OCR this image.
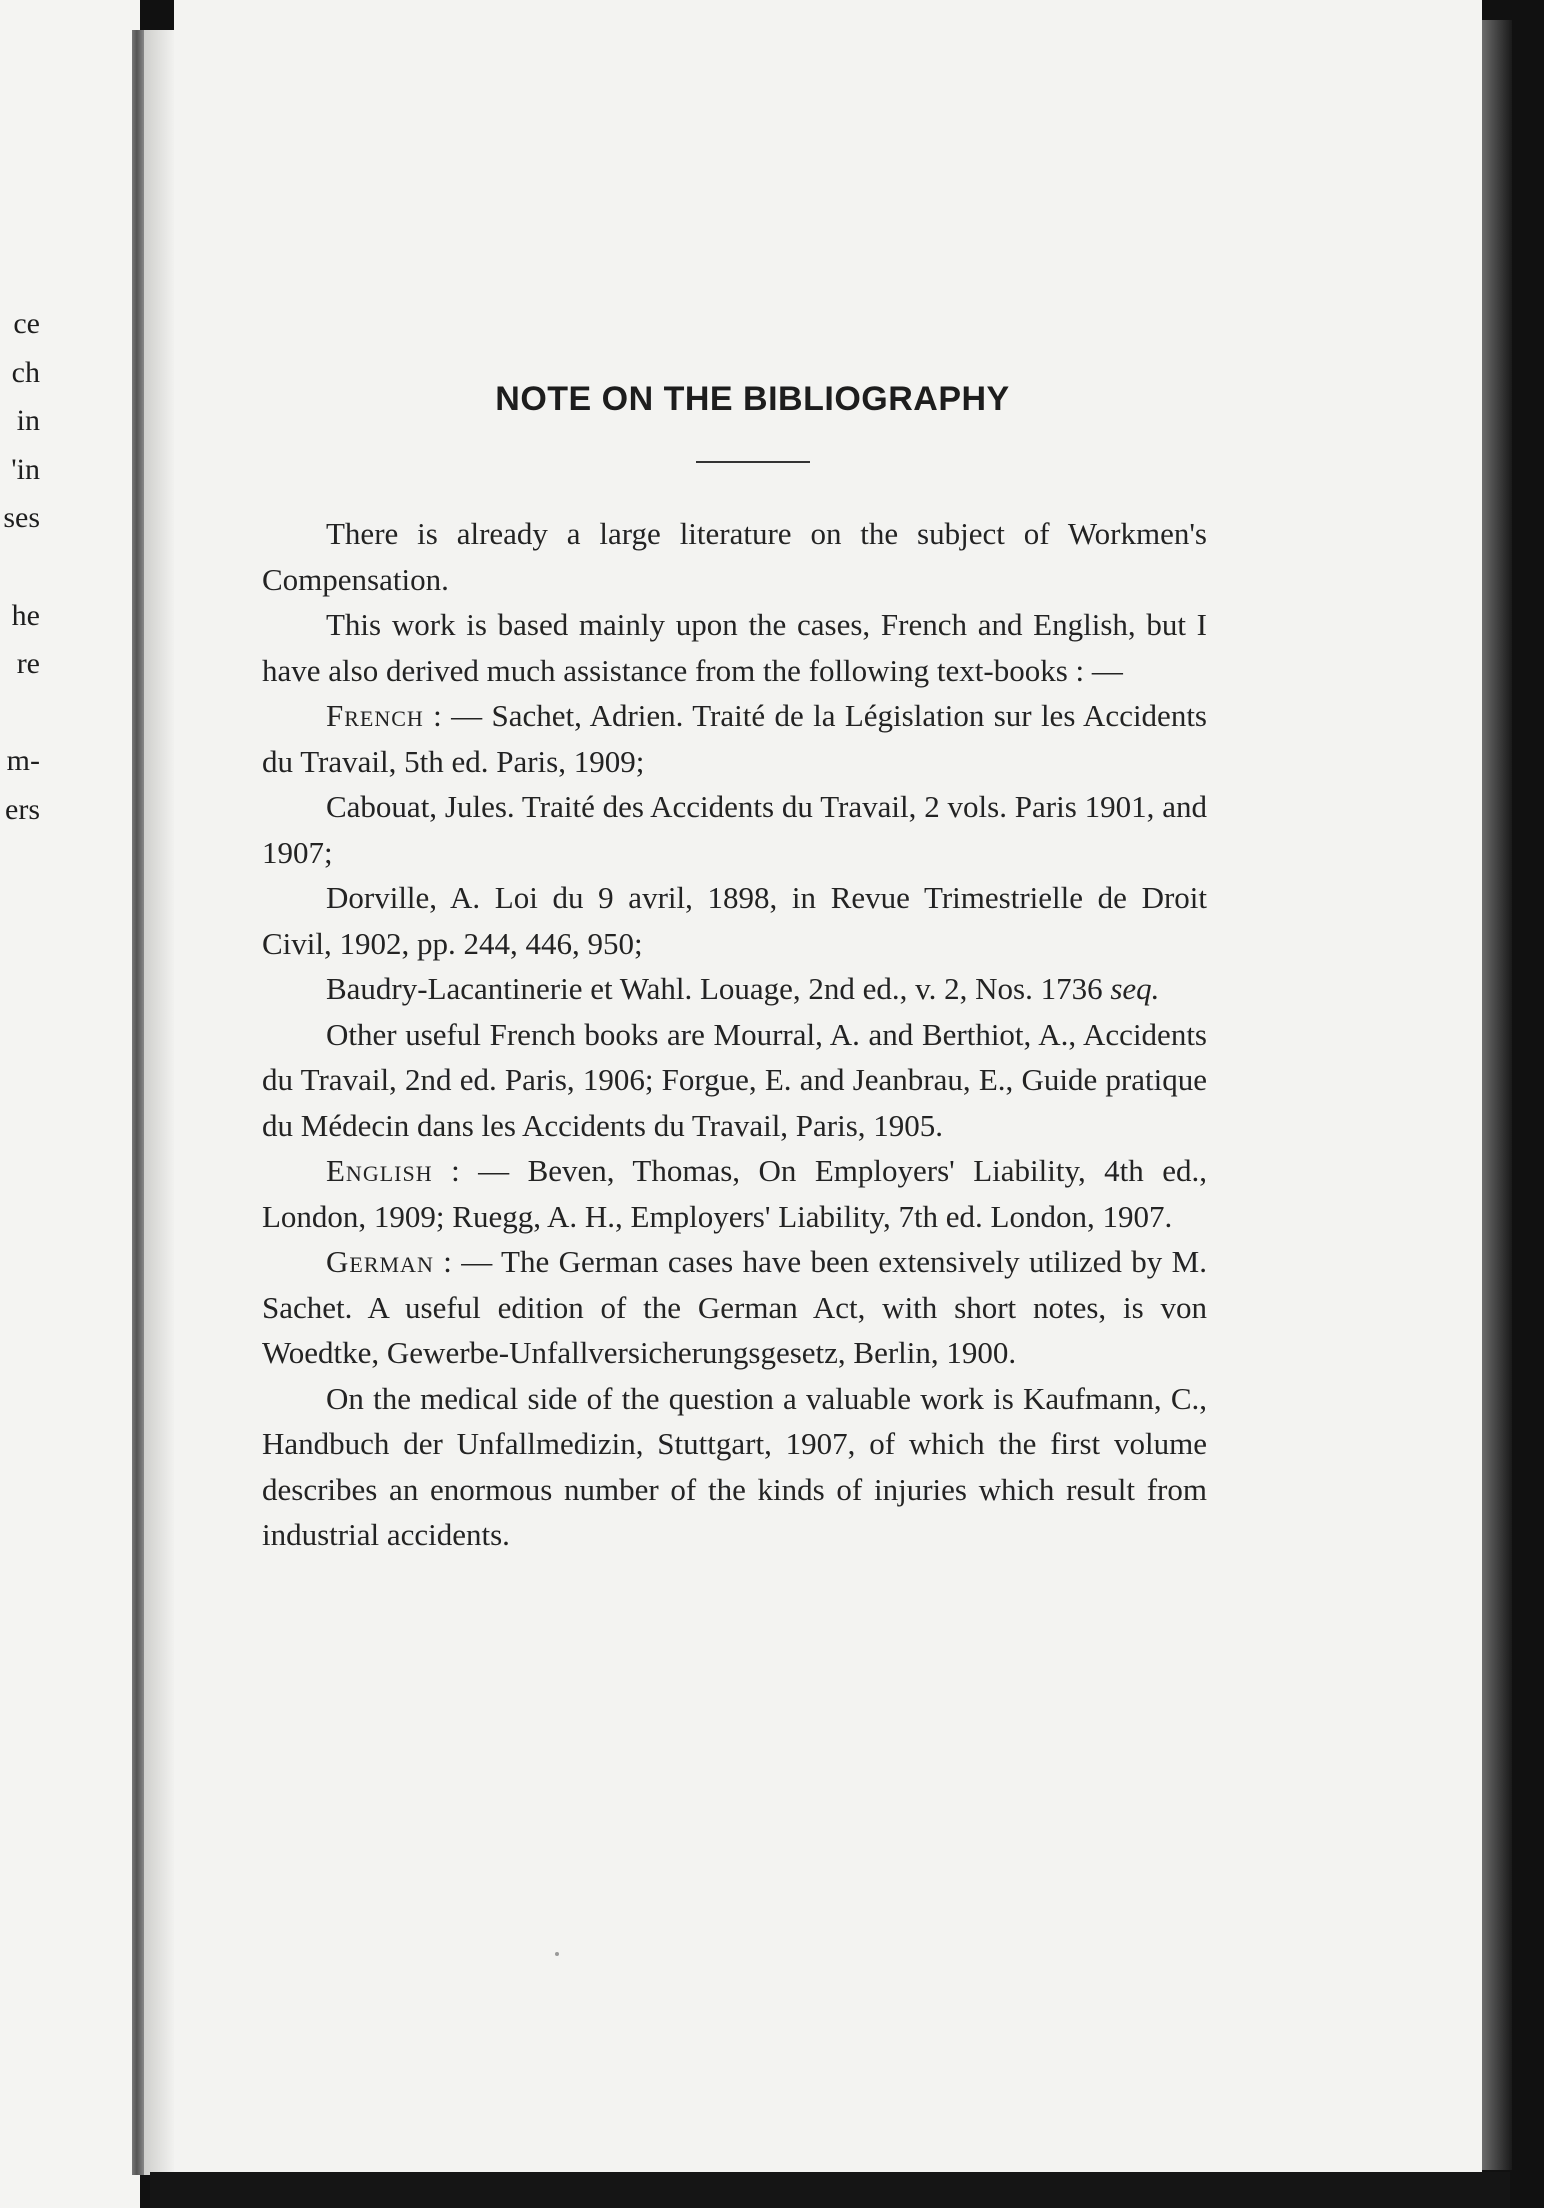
ce
ch
in
'in
ses
he
re
m-
ers
NOTE ON THE BIBLIOGRAPHY

There is already a large literature on the subject of Workmen's Compensation.

This work is based mainly upon the cases, French and English, but I have also derived much assistance from the following text-books : —

French : — Sachet, Adrien. Traité de la Législation sur les Accidents du Travail, 5th ed. Paris, 1909;

Cabouat, Jules. Traité des Accidents du Travail, 2 vols. Paris 1901, and 1907;

Dorville, A. Loi du 9 avril, 1898, in Revue Trimestrielle de Droit Civil, 1902, pp. 244, 446, 950;

Baudry-Lacantinerie et Wahl. Louage, 2nd ed., v. 2, Nos. 1736 seq.

Other useful French books are Mourral, A. and Berthiot, A., Accidents du Travail, 2nd ed. Paris, 1906; Forgue, E. and Jeanbrau, E., Guide pratique du Médecin dans les Accidents du Travail, Paris, 1905.

English : — Beven, Thomas, On Employers' Liability, 4th ed., London, 1909; Ruegg, A. H., Employers' Liability, 7th ed. London, 1907.

German : — The German cases have been extensively utilized by M. Sachet. A useful edition of the German Act, with short notes, is von Woedtke, Gewerbe-Unfallversicherungsgesetz, Berlin, 1900.

On the medical side of the question a valuable work is Kaufmann, C., Handbuch der Unfallmedizin, Stuttgart, 1907, of which the first volume describes an enormous number of the kinds of injuries which result from industrial accidents.
